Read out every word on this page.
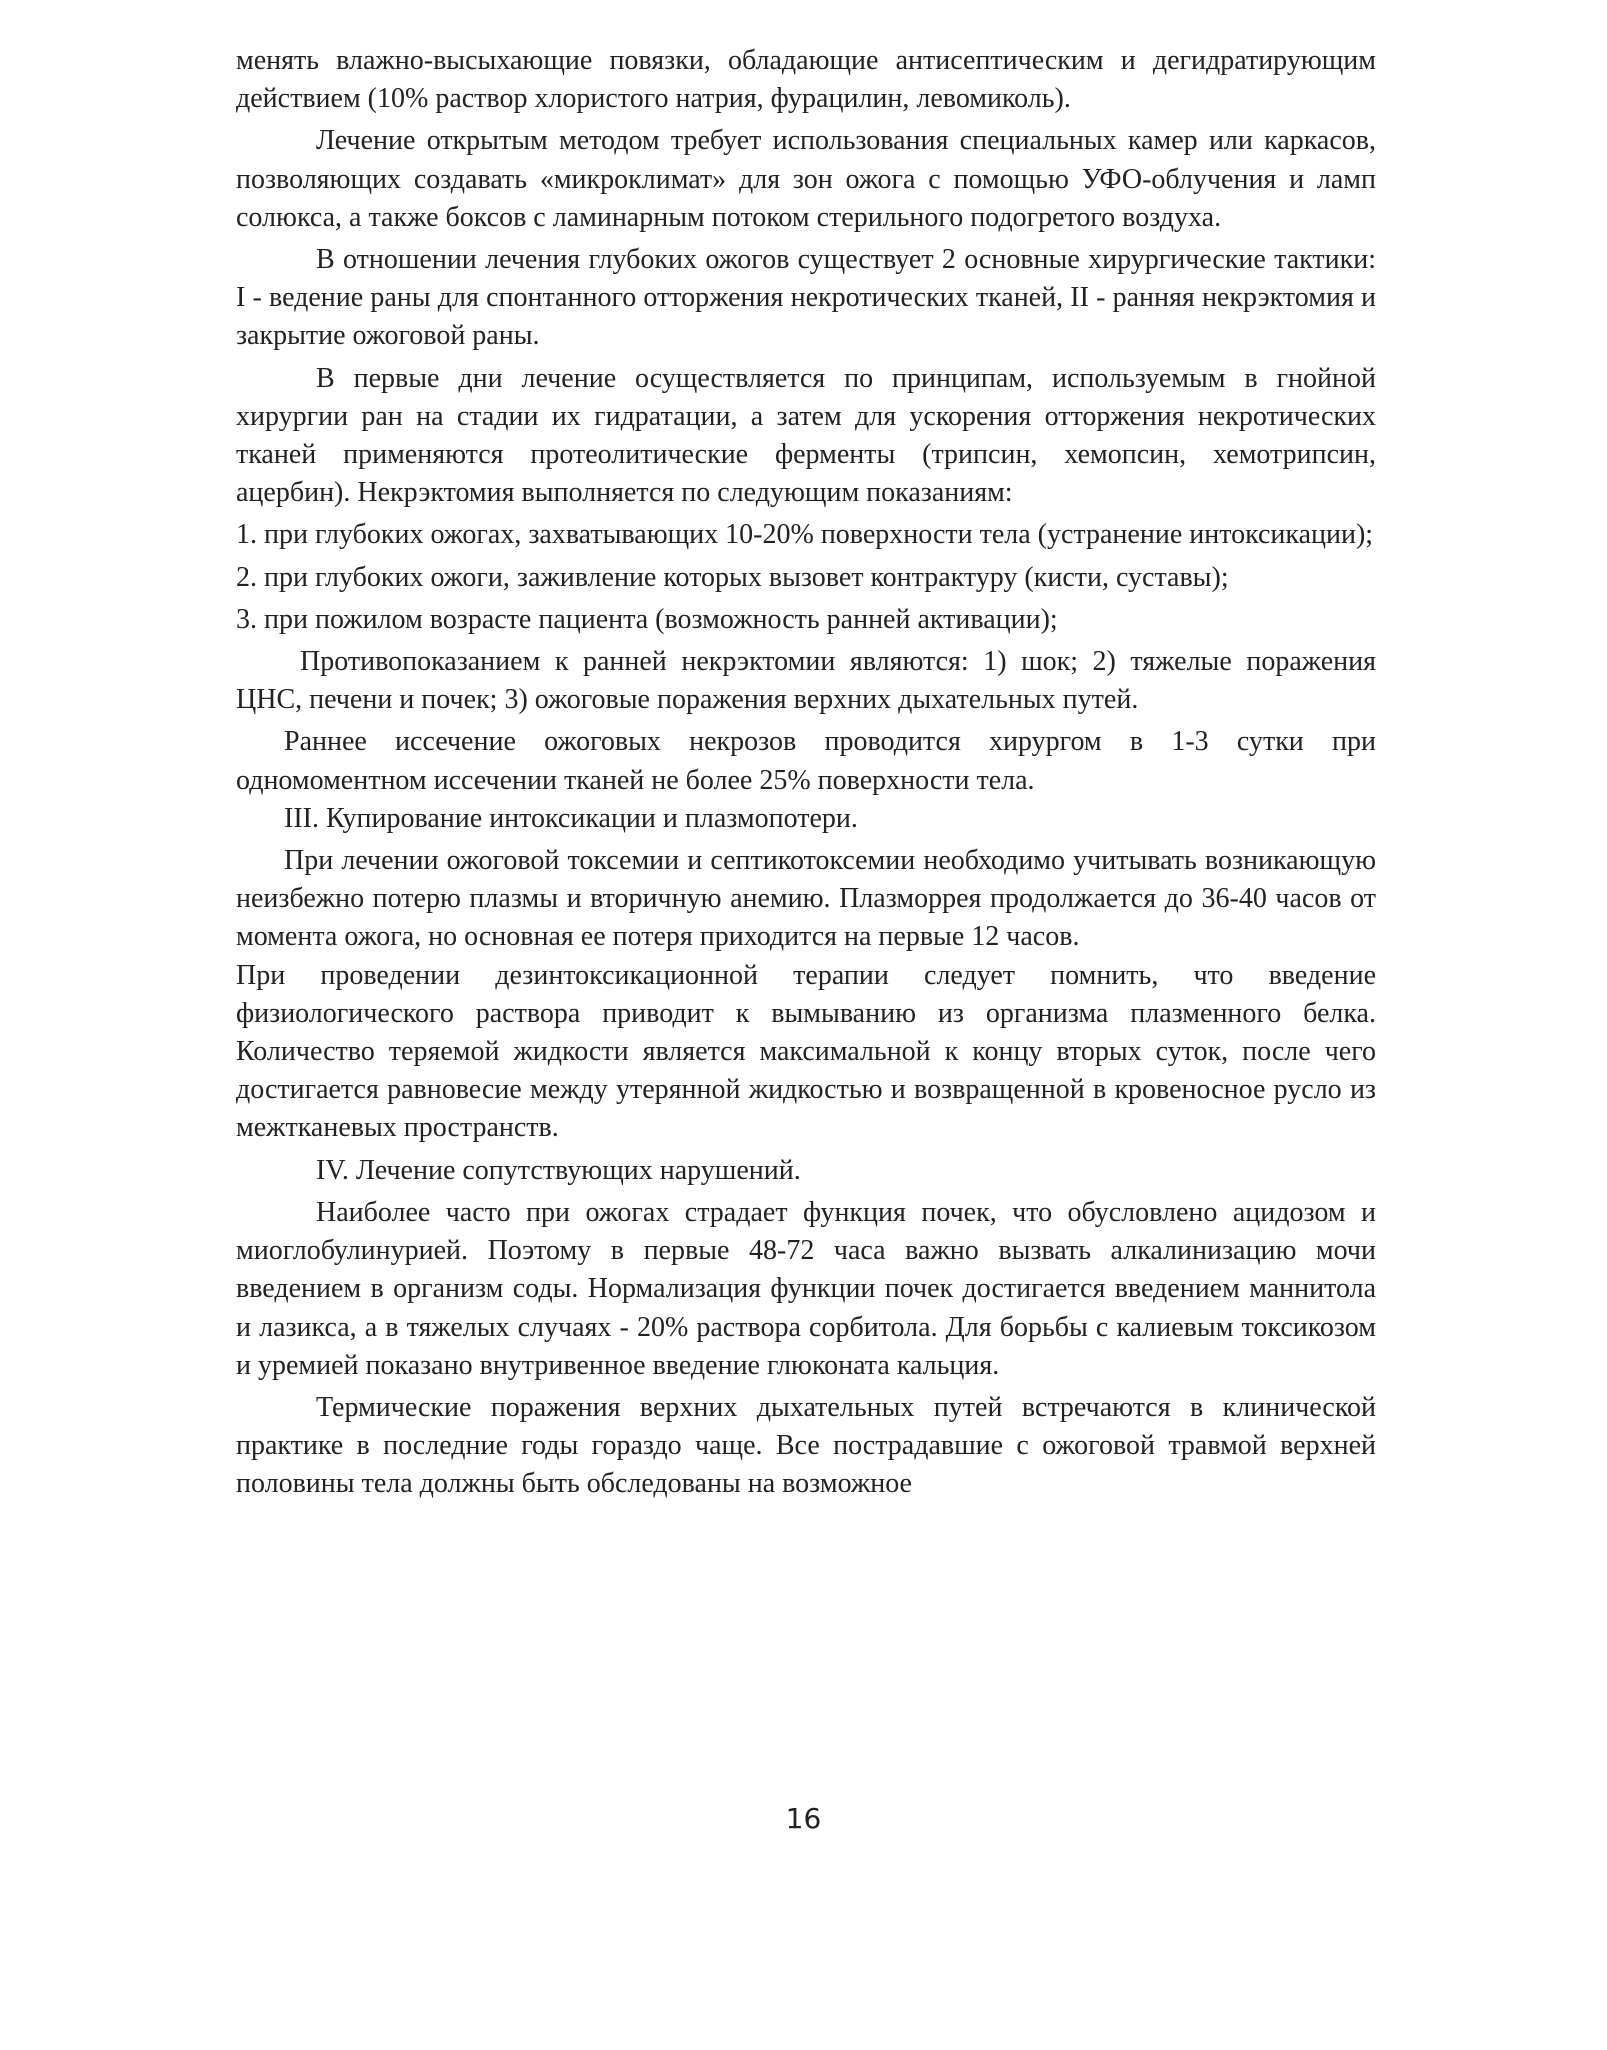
менять влажно-высыхающие повязки, обладающие антисептическим и дегидратирующим действием (10% раствор хлористого натрия, фурацилин, левомиколь).

Лечение открытым методом требует использования специальных камер или каркасов, позволяющих создавать «микроклимат» для зон ожога с помощью УФО-облучения и ламп солюкса, а также боксов с ламинарным потоком стерильного подогретого воздуха.

В отношении лечения глубоких ожогов существует 2 основные хирургические тактики: I - ведение раны для спонтанного отторжения некротических тканей, II - ранняя некрэктомия и закрытие ожоговой раны.

В первые дни лечение осуществляется по принципам, используемым в гнойной хирургии ран на стадии их гидратации, а затем для ускорения отторжения некротических тканей применяются протеолитические ферменты (трипсин, хемопсин, хемотрипсин, ацербин). Некрэктомия выполняется по следующим показаниям:

1. при глубоких ожогах, захватывающих 10-20% поверхности тела (устранение интоксикации);

2. при глубоких ожоги, заживление которых вызовет контрактуру (кисти, суставы);

3. при пожилом возрасте пациента (возможность ранней активации);

Противопоказанием к ранней некрэктомии являются: 1) шок; 2) тяжелые поражения ЦНС, печени и почек; 3) ожоговые поражения верхних дыхательных путей.

Раннее иссечение ожоговых некрозов проводится хирургом в 1-3 сутки при одномоментном иссечении тканей не более 25% поверхности тела.

III. Купирование интоксикации и плазмопотери.

При лечении ожоговой токсемии и септикотоксемии необходимо учитывать возникающую неизбежно потерю плазмы и вторичную анемию. Плазморрея продолжается до 36-40 часов от момента ожога, но основная ее потеря приходится на первые 12 часов.

При проведении дезинтоксикационной терапии следует помнить, что введение физиологического раствора приводит к вымыванию из организма плазменного белка. Количество теряемой жидкости является максимальной к концу вторых суток, после чего достигается равновесие между утерянной жидкостью и возвращенной в кровеносное русло из межтканевых пространств.

IV. Лечение сопутствующих нарушений.

Наиболее часто при ожогах страдает функция почек, что обусловлено ацидозом и миоглобулинурией. Поэтому в первые 48-72 часа важно вызвать алкалинизацию мочи введением в организм соды. Нормализация функции почек достигается введением маннитола и лазикса, а в тяжелых случаях - 20% раствора сорбитола. Для борьбы с калиевым токсикозом и уремией показано внутривенное введение глюконата кальция.

Термические поражения верхних дыхательных путей встречаются в клинической практике в последние годы гораздо чаще. Все пострадавшие с ожоговой травмой верхней половины тела должны быть обследованы на возможное

16
